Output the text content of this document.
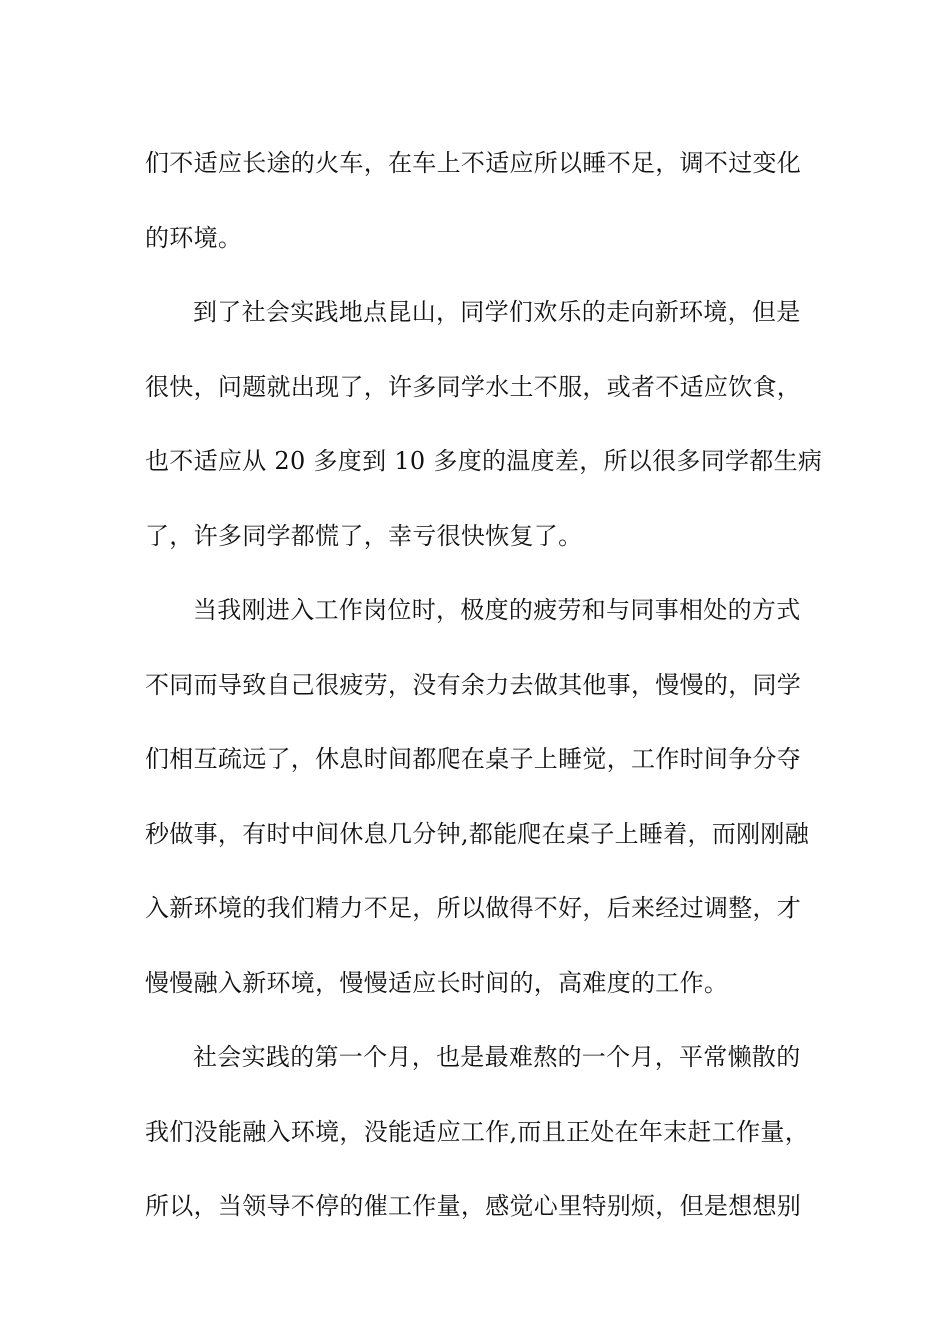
们不适应长途的火车，在车上不适应所以睡不足，调不过变化
的环境。
到了社会实践地点昆山，同学们欢乐的走向新环境，但是
很快，问题就出现了，许多同学水土不服，或者不适应饮食，
也不适应从 20 多度到 10 多度的温度差，所以很多同学都生病
了，许多同学都慌了，幸亏很快恢复了。
当我刚进入工作岗位时，极度的疲劳和与同事相处的方式
不同而导致自己很疲劳，没有余力去做其他事，慢慢的，同学
们相互疏远了，休息时间都爬在桌子上睡觉，工作时间争分夺
秒做事，有时中间休息几分钟,都能爬在桌子上睡着，而刚刚融
入新环境的我们精力不足，所以做得不好，后来经过调整，才
慢慢融入新环境，慢慢适应长时间的，高难度的工作。
社会实践的第一个月，也是最难熬的一个月，平常懒散的
我们没能融入环境，没能适应工作,而且正处在年末赶工作量，
所以，当领导不停的催工作量，感觉心里特别烦，但是想想别
